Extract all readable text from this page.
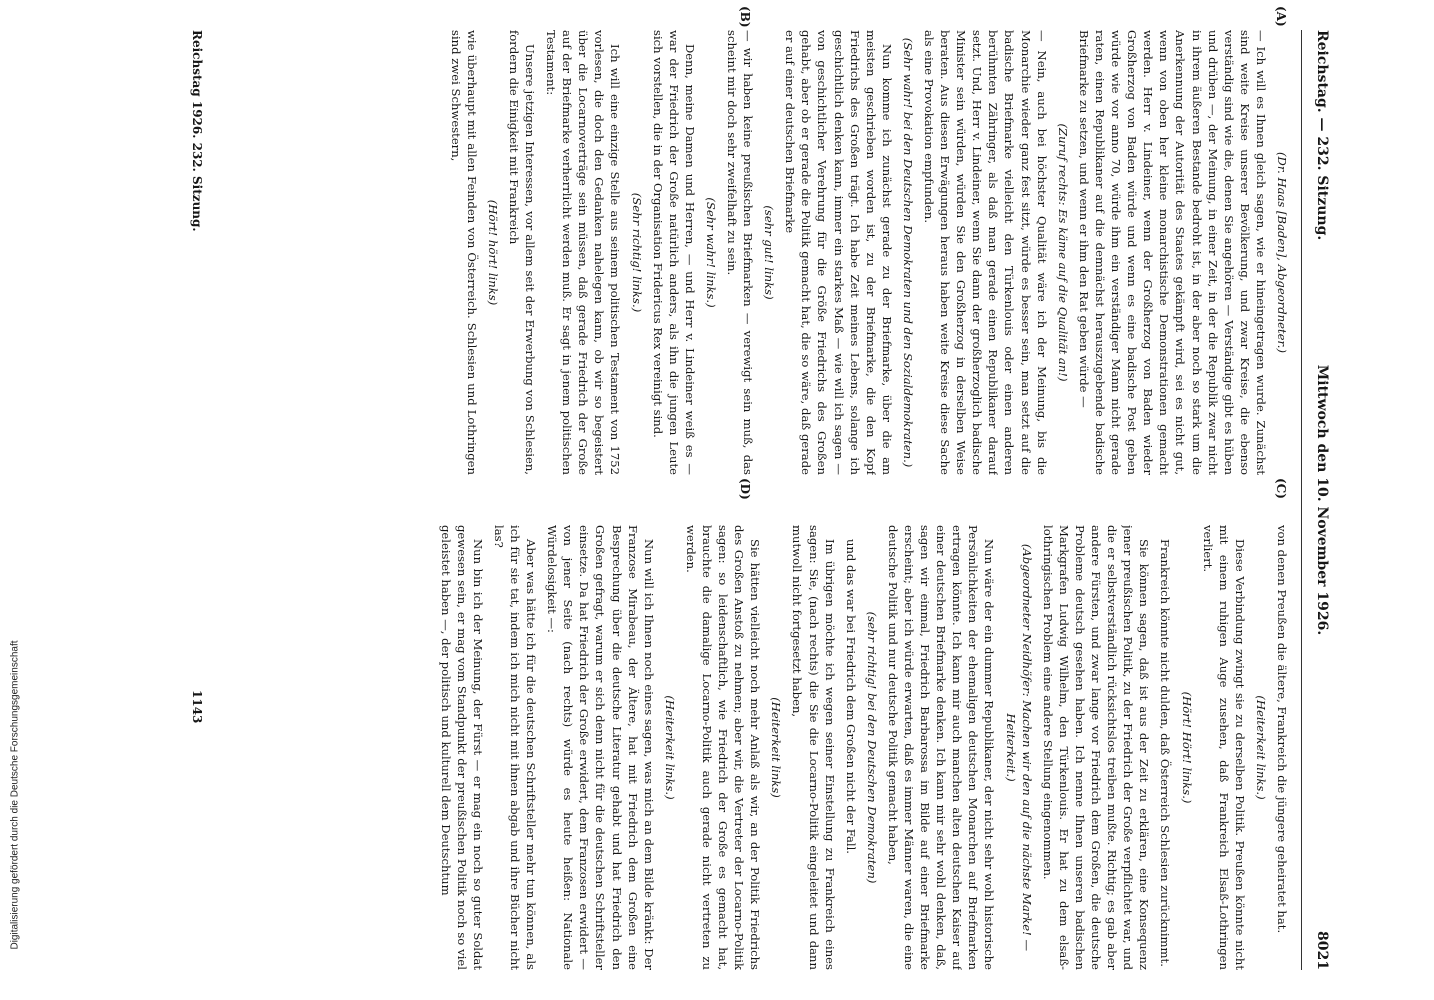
Reichstag. — 232. Sitzung.
Mittwoch den 10. November 1926.
8021
(A)
(B)
(C)
(D)

(Dr. Haas [Baden], Abgeordneter.)

— Ich will es Ihnen gleich sagen, wie er hineingetragen wurde. Zunächst sind weite Kreise unserer Bevölkerung, und zwar Kreise, die ebenso verständig sind wie die, denen Sie angehören — Verständige gibt es hüben und drüben —, der Meinung, in einer Zeit, in der die Republik zwar nicht in ihrem äußeren Bestande bedroht ist, in der aber noch so stark um die Anerkennung der Autorität des Staates gekämpft wird, sei es nicht gut, wenn von oben her kleine monarchistische Demonstrationen gemacht werden. Herr v. Lindeiner, wenn der Großherzog von Baden wieder Großherzog von Baden würde und wenn es eine badische Post geben würde wie vor anno 70, würde ihm ein verständiger Mann nicht gerade raten, einen Republikaner auf die demnächst herauszugebende badische Briefmarke zu setzen, und wenn er ihm den Rat geben würde —

(Zuruf rechts: Es käme auf die Qualität an!)

— Nein, auch bei höchster Qualität wäre ich der Meinung, bis die Monarchie wieder ganz fest sitzt, würde es besser sein, man setzt auf die badische Briefmarke vielleicht den Türkenlouis oder einen anderen berühmten Zähringer, als daß man gerade einen Republikaner darauf setzt. Und, Herr v. Lindeiner, wenn Sie dann der großherzoglich badische Minister sein würden, würden Sie den Großherzog in derselben Weise beraten. Aus diesen Erwägungen heraus haben weite Kreise diese Sache als eine Provokation empfunden.

(Sehr wahr! bei den Deutschen Demokraten und den Sozialdemokraten.)

Nun komme ich zunächst gerade zu der Briefmarke, über die am meisten geschrieben worden ist, zu der Briefmarke, die den Kopf Friedrichs des Großen trägt. Ich habe Zeit meines Lebens, solange ich geschichtlich denken kann, immer ein starkes Maß — wie will ich sagen — von geschichtlicher Verehrung für die Größe Friedrichs des Großen gehabt, aber ob er gerade die Politik gemacht hat, die so wäre, daß gerade er auf einer deutschen Briefmarke

(sehr gut! links)

— wir haben keine preußischen Briefmarken — verewigt sein muß, das scheint mir doch sehr zweifelhaft zu sein.

(Sehr wahr! links.)

Denn, meine Damen und Herren, — und Herr v. Lindeiner weiß es — war der Friedrich der Große natürlich anders, als ihn die jungen Leute sich vorstellen, die in der Organisation Fridericus Rex vereinigt sind.

(Sehr richtig! links.)

Ich will eine einzige Stelle aus seinem politischen Testament von 1752 vorlesen, die doch den Gedanken nahelegen kann, ob wir so begeistert über die Locarnoverträge sein müssen, daß gerade Friedrich der Große auf der Briefmarke verherrlicht werden muß. Er sagt in jenem politischen Testament:

Unsere jetzigen Interessen, vor allem seit der Erwerbung von Schlesien, fordern die Einigkeit mit Frankreich

(Hört! hört! links)

wie überhaupt mit allen Feinden von Österreich. Schlesien und Lothringen sind zwei Schwestern,

von denen Preußen die ältere, Frankreich die jüngere geheiratet hat.

(Heiterkeit links.)

Diese Verbindung zwingt sie zu derselben Politik. Preußen könnte nicht mit einem ruhigen Auge zusehen, daß Frankreich Elsaß-Lothringen verliert.

(Hört! Hört! links.)

Frankreich könnte nicht dulden, daß Österreich Schlesien zurücknimmt.

Sie können sagen, daß ist aus der Zeit zu erklären, eine Konsequenz jener preußischen Politik, zu der Friedrich der Große verpflichtet war, und die er selbstverständlich rücksichtslos treiben mußte. Richtig; es gab aber andere Fürsten, und zwar lange vor Friedrich dem Großen, die deutsche Probleme deutsch gesehen haben. Ich nenne Ihnen unseren badischen Markgrafen Ludwig Wilhelm, den Türkenlouis. Er hat zu dem elsaß-lothringischen Problem eine andere Stellung eingenommen.

(Abgeordneter Neidhöfer: Machen wir den auf die nächste Marke! — Heiterkeit.)

Nun wäre der ein dummer Republikaner, der nicht sehr wohl historische Persönlichkeiten der ehemaligen deutschen Monarchen auf Briefmarken ertragen könnte. Ich kann mir auch manchen alten deutschen Kaiser auf einer deutschen Briefmarke denken. Ich kann mir sehr wohl denken, daß, sagen wir einmal, Friedrich Barbarossa im Bilde auf einer Briefmarke erscheint; aber ich würde erwarten, daß es immer Männer waren, die eine deutsche Politik und nur deutsche Politik gemacht haben,

(sehr richtig! bei den Deutschen Demokraten)

und das war bei Friedrich dem Großen nicht der Fall.

Im übrigen möchte ich wegen seiner Einstellung zu Frankreich eines sagen: Sie, (nach rechts) die Sie die Locarno-Politik eingeleitet und dann mutwoll nicht fortgesetzt haben,

(Heiterkeit links)

Sie hätten vielleicht noch mehr Anlaß als wir, an der Politik Friedrichs des Großen Anstoß zu nehmen; aber wir, die Vertreter der Locarno-Politik sagen: so leidenschaftlich, wie Friedrich der Große es gemacht hat, brauchte die damalige Locarno-Politik auch gerade nicht vertreten zu werden.

(Heiterkeit links.)

Nun will ich Ihnen noch eines sagen, was mich an dem Bilde kränkt: Der Franzose Mirabeau, der Ältere, hat mit Friedrich dem Großen eine Besprechung über die deutsche Literatur gehabt und hat Friedrich den Großen gefragt, warum er sich denn nicht für die deutschen Schriftsteller einsetze. Da hat Friedrich der Große erwidert, dem Franzosen erwidert — von jener Seite (nach rechts) würde es heute heißen: Nationale Würdelosigkeit —:

Aber was hätte ich für die deutschen Schriftsteller mehr tun können, als ich für sie tat, indem ich mich nicht mit ihnen abgab und ihre Bücher nicht las?

Nun bin ich der Meinung, der Fürst — er mag ein noch so guter Soldat gewesen sein, er mag vom Standpunkt der preußischen Politik noch so viel geleistet haben —, der politisch und kulturell dem Deutschtum

Reichstag 1926. 232. Sitzung.
1143
Digitalisierung gefördert durch die Deutsche Forschungsgemeinschaft
